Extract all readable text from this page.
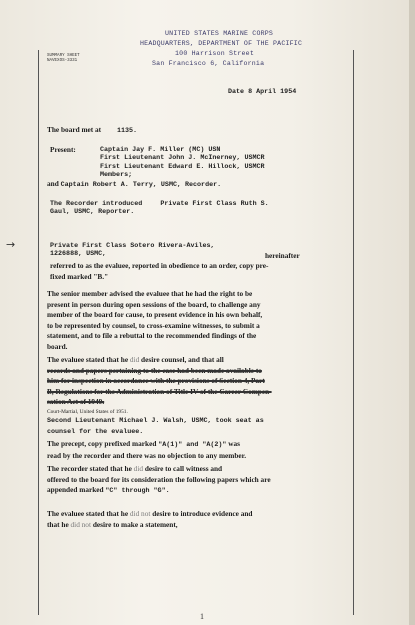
SUMMARY SHEET
NAVEXOS-3331
UNITED STATES MARINE CORPS
HEADQUARTERS, DEPARTMENT OF THE PACIFIC
100 Harrison Street
San Francisco 6, California
Date 8 April 1954
The board met at 1135.
Present:	Captain Jay F. Miller (MC) USN
First Lieutenant John J. McInerney, USMCR
First Lieutenant Edward E. Hillock, USMCR
Members;
and Captain Robert A. Terry, USMC, Recorder.
The Recorder introduced	Private First Class Ruth S.
Gaul, USMC, Reporter.
→	Private First Class Sotero Rivera-Aviles,
1226888, USMC,	hereinafter
referred to as the evaluee, reported in obedience to an order, copy pre-
fixed marked "B."
The senior member advised the evaluee that he had the right to be
present in person during open sessions of the board, to challenge any
member of the board for cause, to present evidence in his own behalf,
to be represented by counsel, to cross-examine witnesses, to submit a
statement, and to file a rebuttal to the recommended findings of the
board.
The evaluee stated that he did desire counsel, and that all
records and papers pertaining to the case had been made available to
him for inspection in accordance with the provisions of Section 4, Part
B, Regulations for the Administration of Title IV of the Career Compen-
sation Act of 1949.
Court-Martial, United States of 1951.
Second Lieutenant Michael J. Walsh, USMC, took seat as
counsel for the evaluee.
The precept, copy prefixed marked "A(1)" and "A(2)" was
read by the recorder and there was no objection to any member.
The recorder stated that he did desire to call witness and
offered to the board for its consideration the following papers which are
appended marked "C" through "G".
The evaluee stated that he did not desire to introduce evidence and
that he did not desire to make a statement,
1
